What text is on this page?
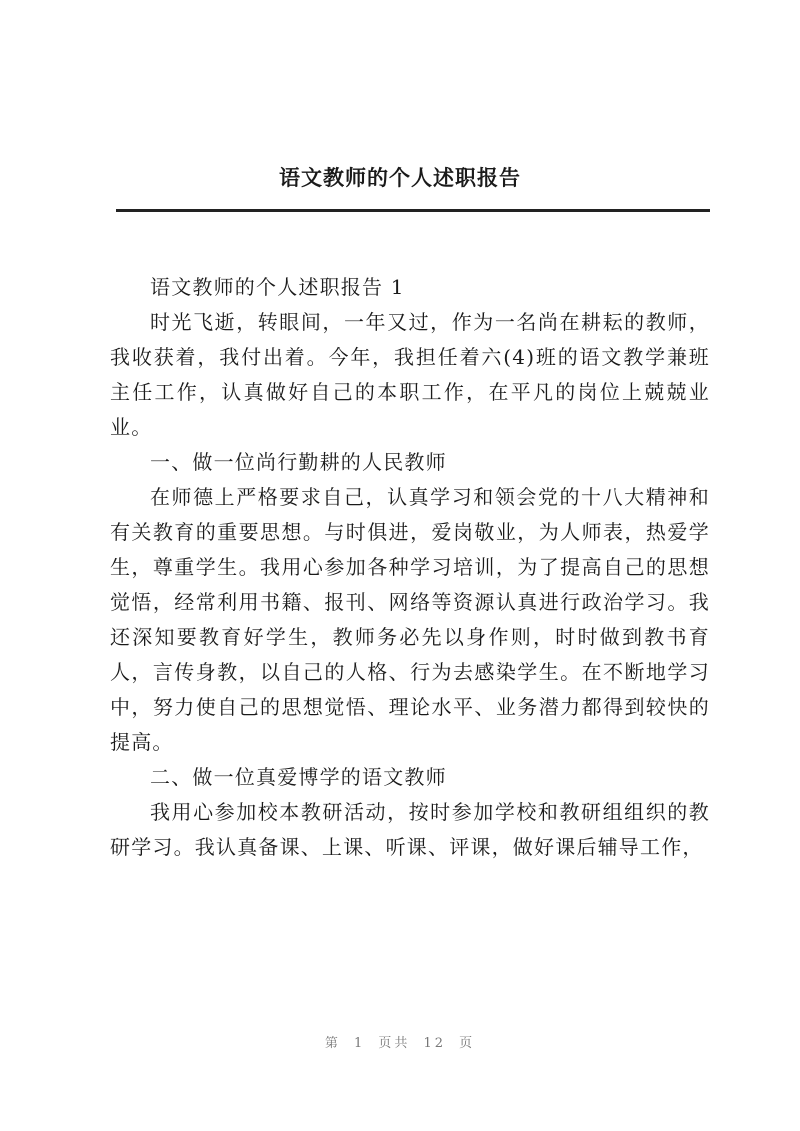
语文教师的个人述职报告

语文教师的个人述职报告 1

时光飞逝，转眼间，一年又过，作为一名尚在耕耘的教师，我收获着，我付出着。今年，我担任着六(4)班的语文教学兼班主任工作，认真做好自己的本职工作，在平凡的岗位上兢兢业业。

一、做一位尚行勤耕的人民教师

在师德上严格要求自己，认真学习和领会党的十八大精神和有关教育的重要思想。与时俱进，爱岗敬业，为人师表，热爱学生，尊重学生。我用心参加各种学习培训，为了提高自己的思想觉悟，经常利用书籍、报刊、网络等资源认真进行政治学习。我还深知要教育好学生，教师务必先以身作则，时时做到教书育人，言传身教，以自己的人格、行为去感染学生。在不断地学习中，努力使自己的思想觉悟、理论水平、业务潜力都得到较快的提高。

二、做一位真爱博学的语文教师

我用心参加校本教研活动，按时参加学校和教研组组织的教研学习。我认真备课、上课、听课、评课，做好课后辅导工作，

第 1 页共 12 页
